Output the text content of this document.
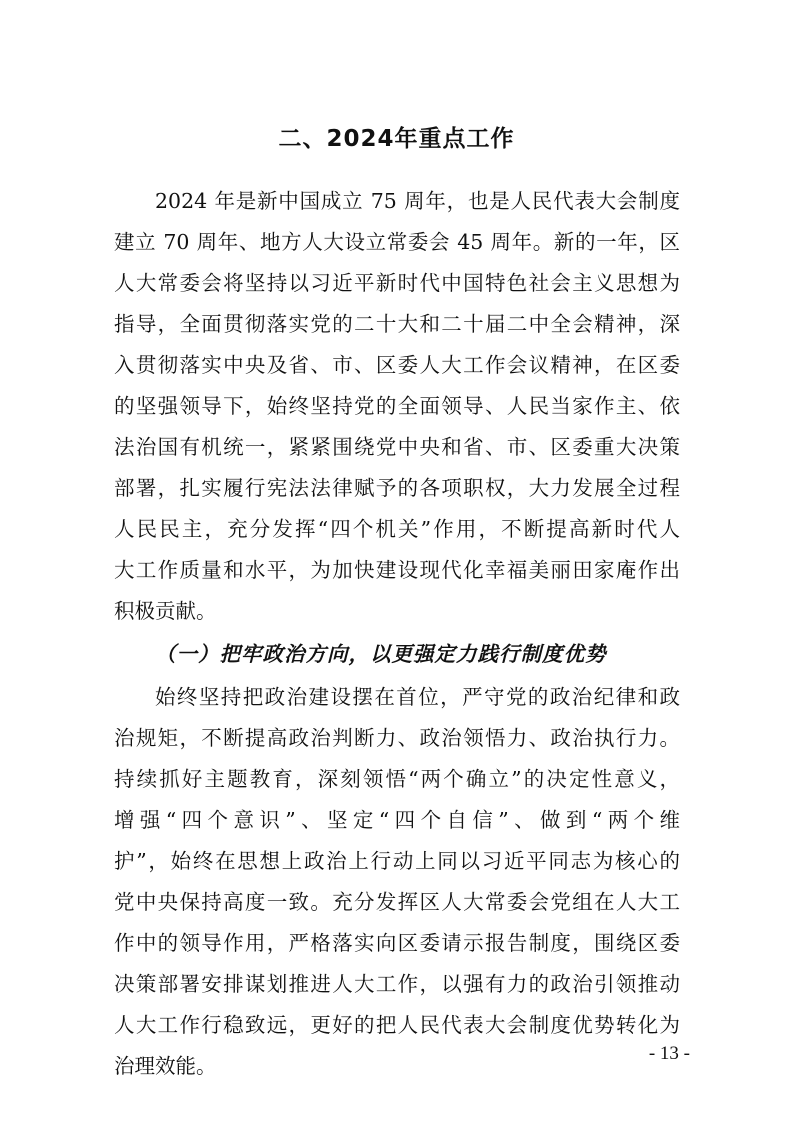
二、2024年重点工作
2024 年是新中国成立 75 周年，也是人民代表大会制度
建立 70 周年、地方人大设立常委会 45 周年。新的一年，区
人大常委会将坚持以习近平新时代中国特色社会主义思想为
指导，全面贯彻落实党的二十大和二十届二中全会精神，深
入贯彻落实中央及省、市、区委人大工作会议精神，在区委
的坚强领导下，始终坚持党的全面领导、人民当家作主、依
法治国有机统一，紧紧围绕党中央和省、市、区委重大决策
部署，扎实履行宪法法律赋予的各项职权，大力发展全过程
人民民主，充分发挥“四个机关”作用，不断提高新时代人
大工作质量和水平，为加快建设现代化幸福美丽田家庵作出
积极贡献。
（一）把牢政治方向，以更强定力践行制度优势
始终坚持把政治建设摆在首位，严守党的政治纪律和政
治规矩，不断提高政治判断力、政治领悟力、政治执行力。
持续抓好主题教育，深刻领悟“两个确立”的决定性意义，
增强“四个意识”、坚定“四个自信”、做到“两个维
护”，始终在思想上政治上行动上同以习近平同志为核心的
党中央保持高度一致。充分发挥区人大常委会党组在人大工
作中的领导作用，严格落实向区委请示报告制度，围绕区委
决策部署安排谋划推进人大工作，以强有力的政治引领推动
人大工作行稳致远，更好的把人民代表大会制度优势转化为
治理效能。
- 13 -
